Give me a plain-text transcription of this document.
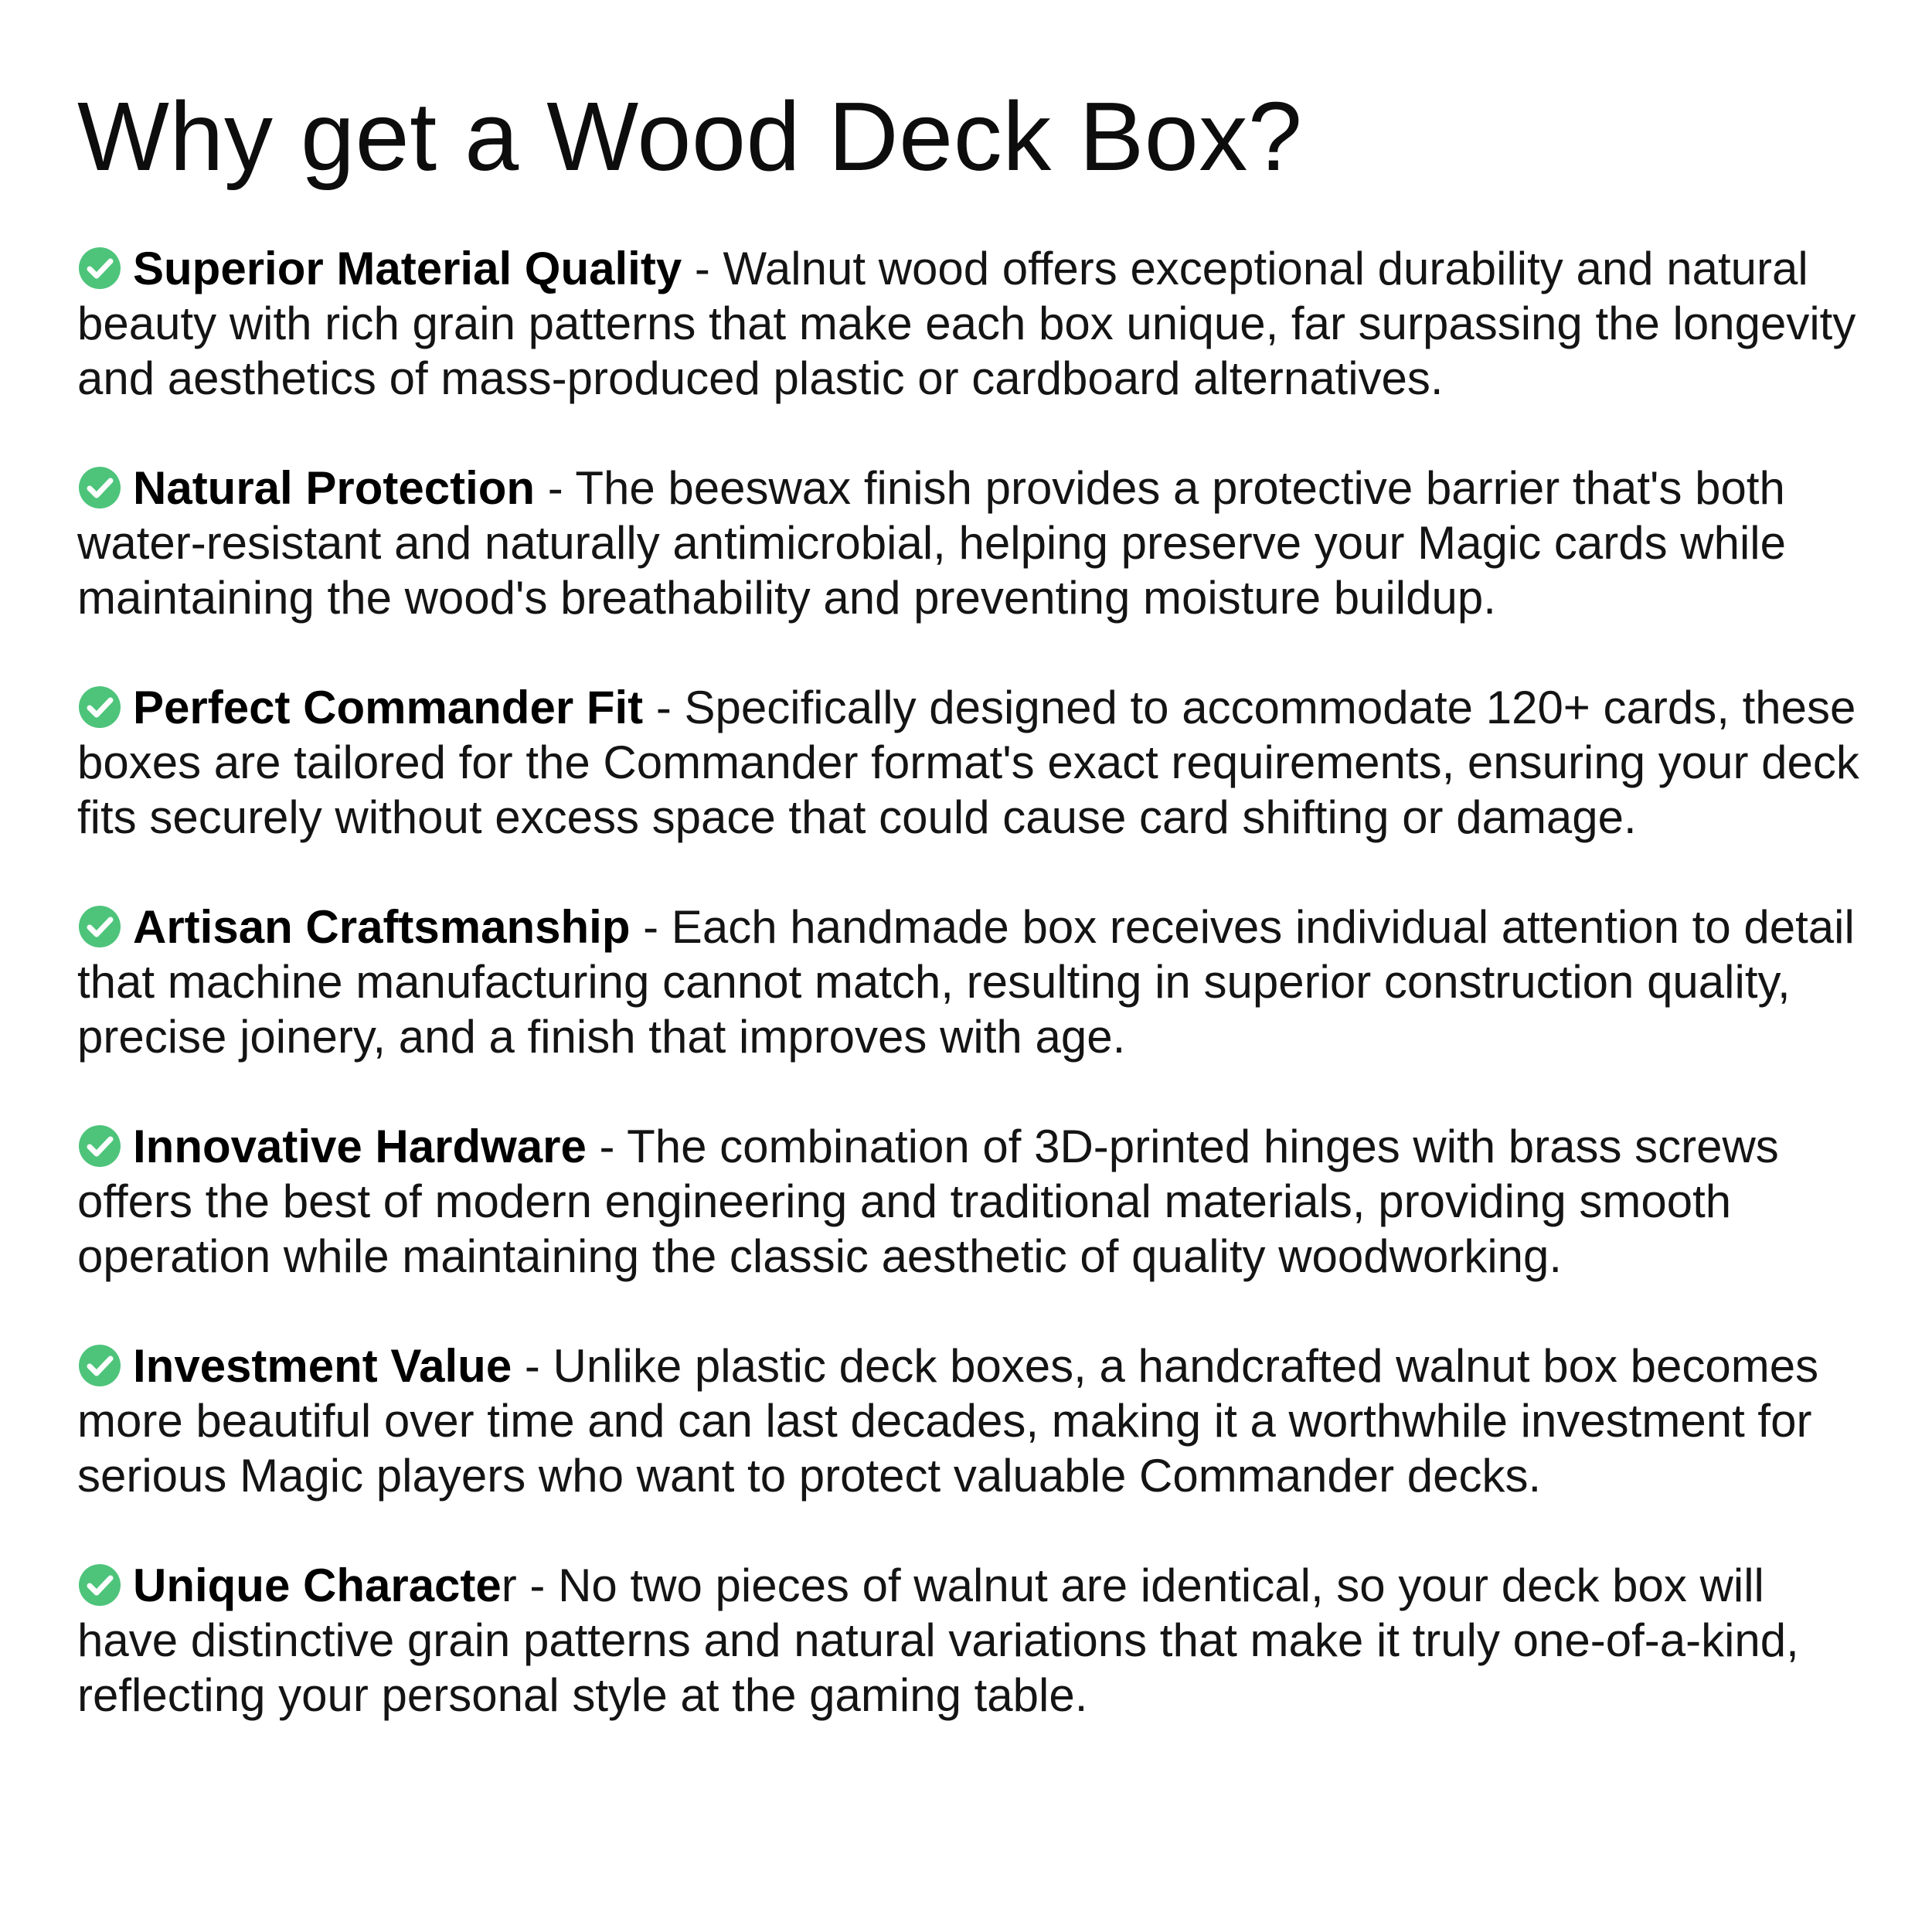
Why get a Wood Deck Box?

Superior Material Quality - Walnut wood offers exceptional durability and natural beauty with rich grain patterns that make each box unique, far surpassing the longevity and aesthetics of mass-produced plastic or cardboard alternatives.

Natural Protection - The beeswax finish provides a protective barrier that's both water-resistant and naturally antimicrobial, helping preserve your Magic cards while maintaining the wood's breathability and preventing moisture buildup.

Perfect Commander Fit - Specifically designed to accommodate 120+ cards, these boxes are tailored for the Commander format's exact requirements, ensuring your deck fits securely without excess space that could cause card shifting or damage.

Artisan Craftsmanship - Each handmade box receives individual attention to detail that machine manufacturing cannot match, resulting in superior construction quality, precise joinery, and a finish that improves with age.

Innovative Hardware - The combination of 3D-printed hinges with brass screws offers the best of modern engineering and traditional materials, providing smooth operation while maintaining the classic aesthetic of quality woodworking.

Investment Value - Unlike plastic deck boxes, a handcrafted walnut box becomes more beautiful over time and can last decades, making it a worthwhile investment for serious Magic players who want to protect valuable Commander decks.

Unique Character - No two pieces of walnut are identical, so your deck box will have distinctive grain patterns and natural variations that make it truly one-of-a-kind, reflecting your personal style at the gaming table.
